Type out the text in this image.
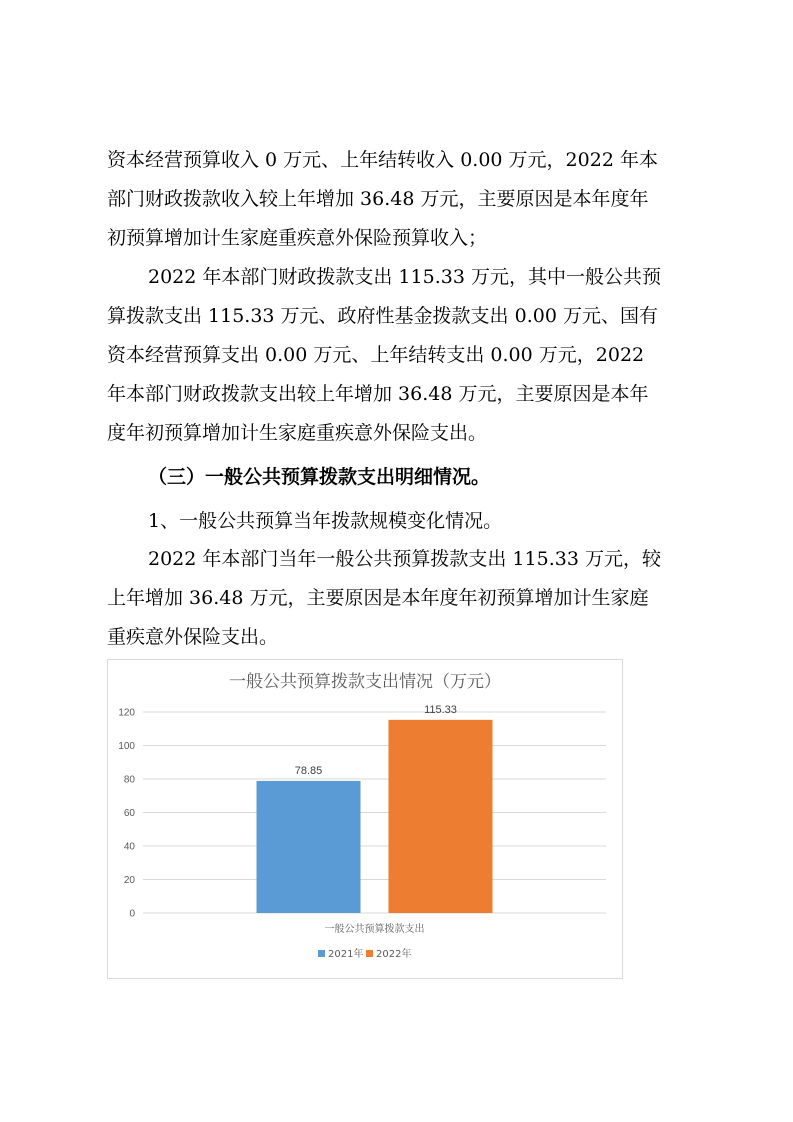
资本经营预算收入 0 万元、上年结转收入 0.00 万元，2022 年本
部门财政拨款收入较上年增加 36.48 万元，主要原因是本年度年
初预算增加计生家庭重疾意外保险预算收入；
2022 年本部门财政拨款支出 115.33 万元，其中一般公共预
算拨款支出 115.33 万元、政府性基金拨款支出 0.00 万元、国有
资本经营预算支出 0.00 万元、上年结转支出 0.00 万元，2022
年本部门财政拨款支出较上年增加 36.48 万元，主要原因是本年
度年初预算增加计生家庭重疾意外保险支出。
（三）一般公共预算拨款支出明细情况。
1、一般公共预算当年拨款规模变化情况。
2022 年本部门当年一般公共预算拨款支出 115.33 万元，较
上年增加 36.48 万元，主要原因是本年度年初预算增加计生家庭
重疾意外保险支出。
一般公共预算拨款支出情况（万元）
0
20
40
60
80
100
120
78.85
115.33
一般公共预算拨款支出
2021年 2022年
